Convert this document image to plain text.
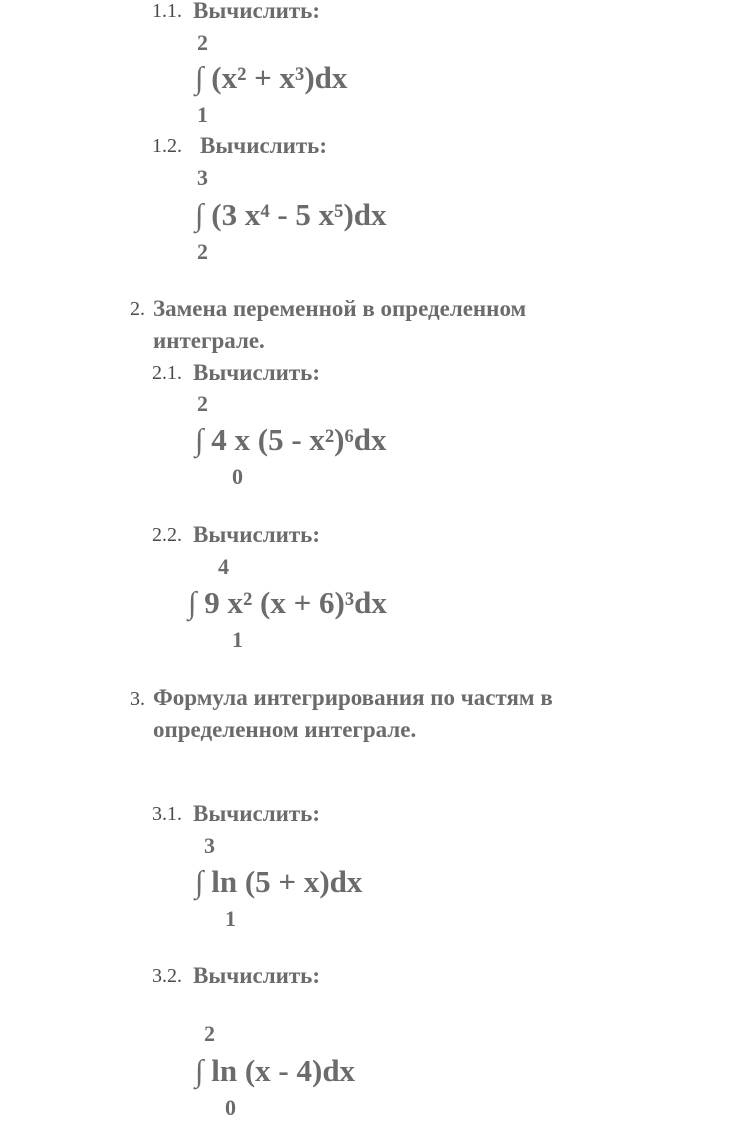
1.1. Вычислить:
2
∫ (x² + x³)dx
1
1.2. Вычислить:
3
∫ (3 x⁴ - 5 x⁵)dx
2
2. Замена переменной в определенном
интеграле.
2.1. Вычислить:
2
∫ 4 x (5 - x²)⁶dx
0
2.2. Вычислить:
4
∫ 9 x² (x + 6)³dx
1
3. Формула интегрирования по частям в
определенном интеграле.
3.1. Вычислить:
3
∫ ln (5 + x)dx
1
3.2. Вычислить:
2
∫ ln (x - 4)dx
0
